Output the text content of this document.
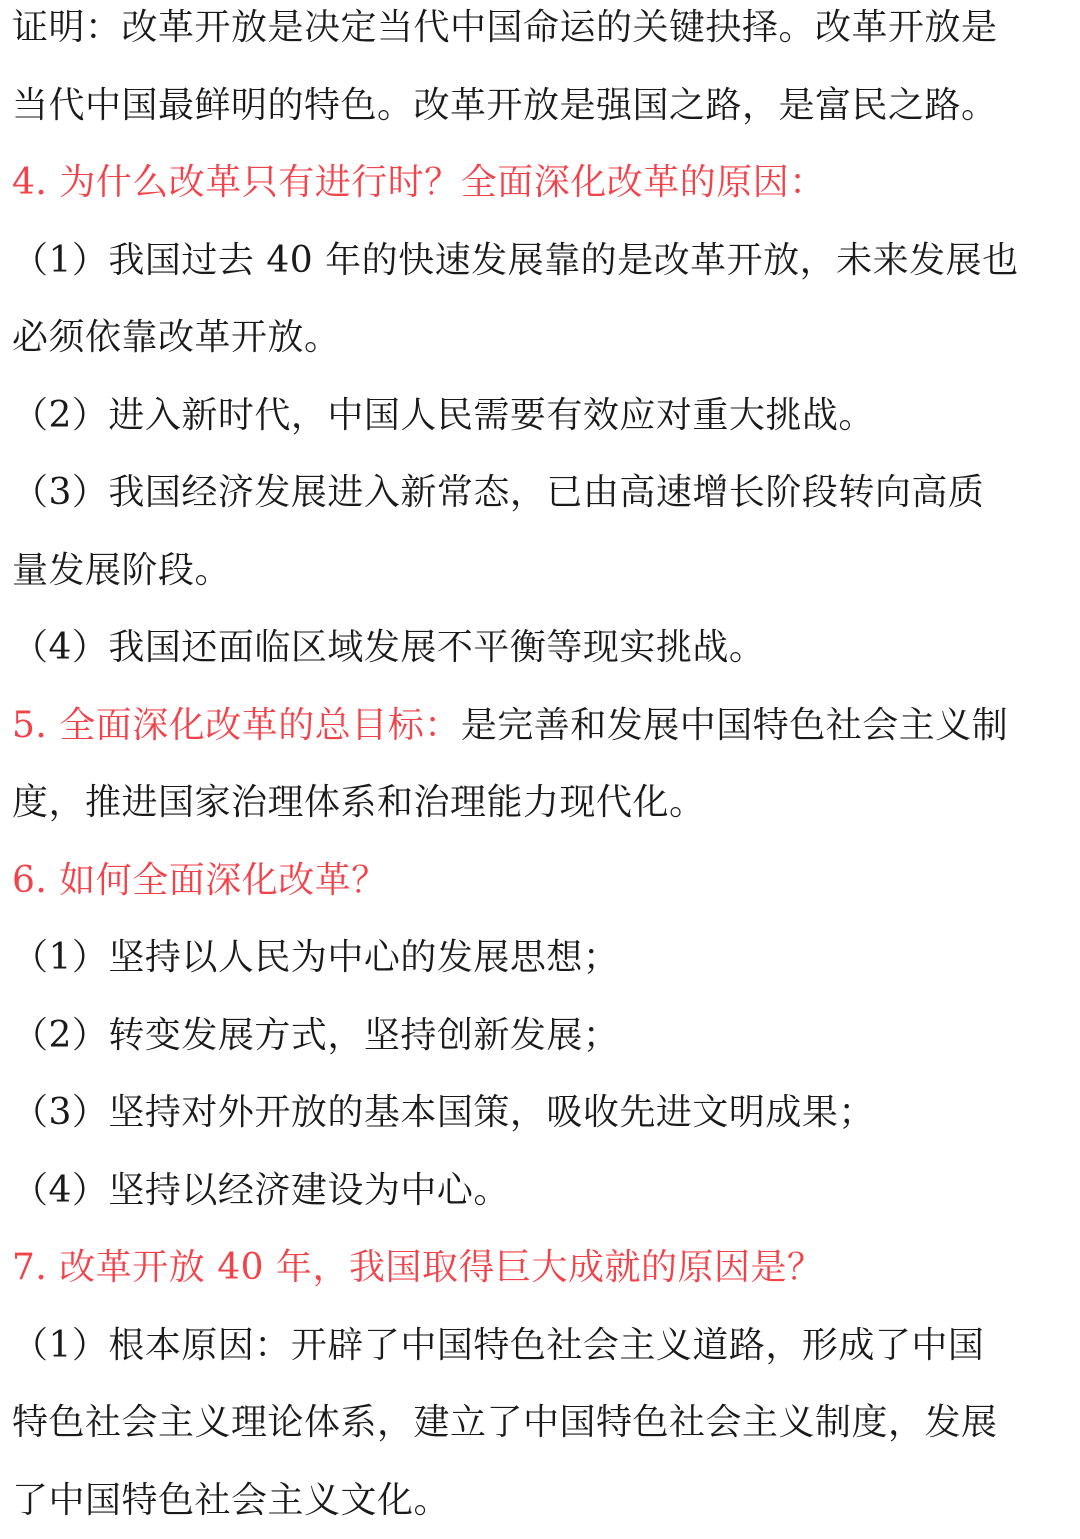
证明：改革开放是决定当代中国命运的关键抉择。改革开放是
当代中国最鲜明的特色。改革开放是强国之路，是富民之路。
4. 为什么改革只有进行时？全面深化改革的原因：
（1）我国过去 40 年的快速发展靠的是改革开放，未来发展也
必须依靠改革开放。
（2）进入新时代，中国人民需要有效应对重大挑战。
（3）我国经济发展进入新常态，已由高速增长阶段转向高质
量发展阶段。
（4）我国还面临区域发展不平衡等现实挑战。
5. 全面深化改革的总目标：是完善和发展中国特色社会主义制
度，推进国家治理体系和治理能力现代化。
6. 如何全面深化改革？
（1）坚持以人民为中心的发展思想；
（2）转变发展方式，坚持创新发展；
（3）坚持对外开放的基本国策，吸收先进文明成果；
（4）坚持以经济建设为中心。
7. 改革开放 40 年，我国取得巨大成就的原因是？
（1）根本原因：开辟了中国特色社会主义道路，形成了中国
特色社会主义理论体系，建立了中国特色社会主义制度，发展
了中国特色社会主义文化。
